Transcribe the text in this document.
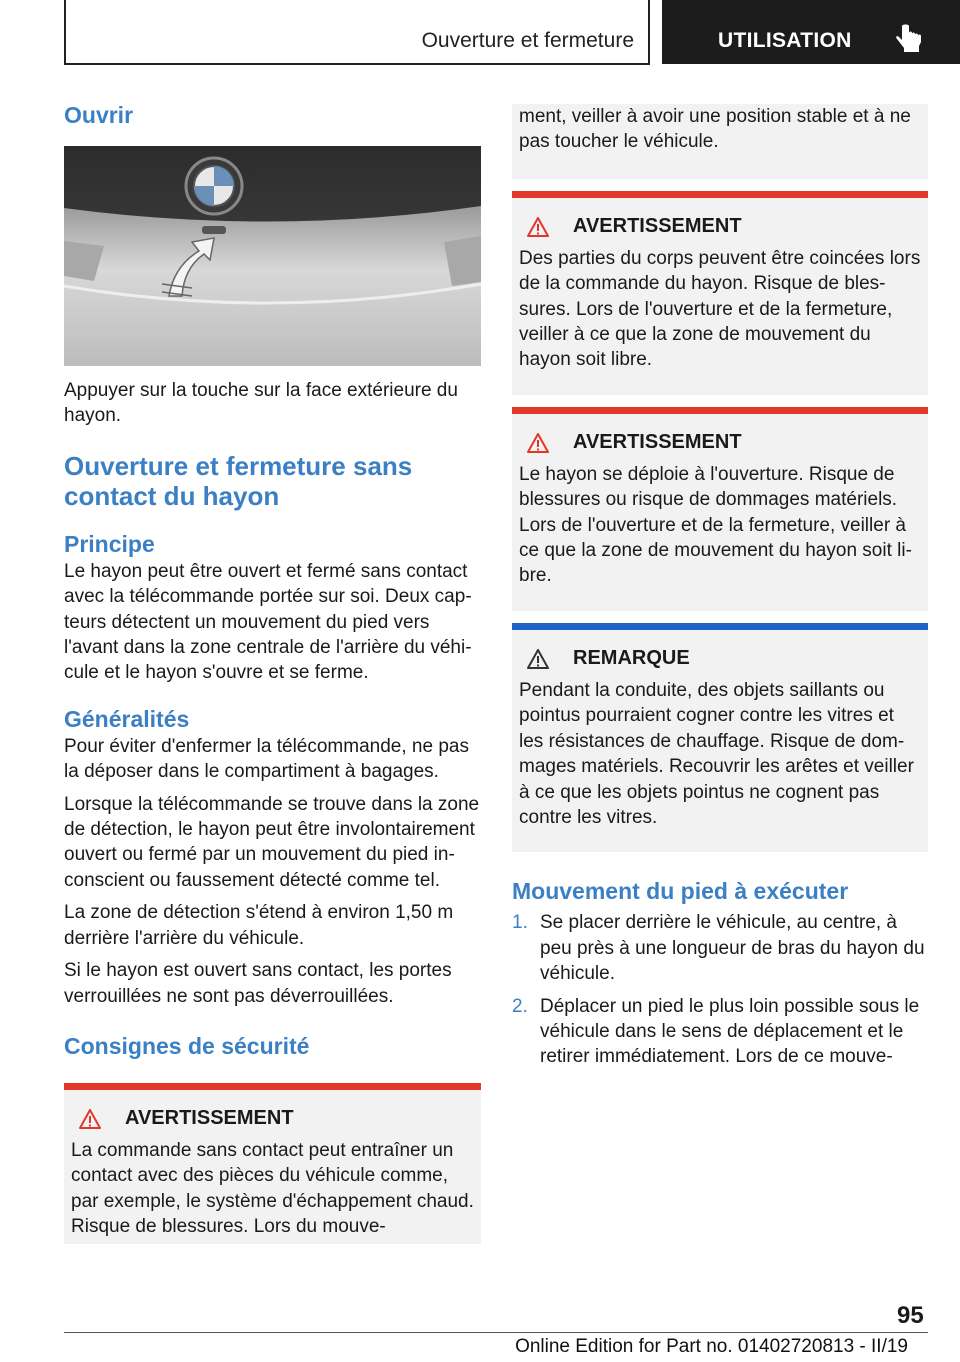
Ouverture et fermeture	UTILISATION
Ouvrir

Appuyer sur la touche sur la face extérieure du hayon.

Ouverture et fermeture sans contact du hayon
Principe

Le hayon peut être ouvert et fermé sans contact avec la télécommande portée sur soi. Deux cap-teurs détectent un mouvement du pied vers l'avant dans la zone centrale de l'arrière du véhi-cule et le hayon s'ouvre et se ferme.

Généralités

Pour éviter d'enfermer la télécommande, ne pas la déposer dans le compartiment à bagages.

Lorsque la télécommande se trouve dans la zone de détection, le hayon peut être involontairement ouvert ou fermé par un mouvement du pied in-conscient ou faussement détecté comme tel.

La zone de détection s'étend à environ 1,50 m derrière l'arrière du véhicule.

Si le hayon est ouvert sans contact, les portes verrouillées ne sont pas déverrouillées.

Consignes de sécurité
AVERTISSEMENT

La commande sans contact peut entraîner un contact avec des pièces du véhicule comme, par exemple, le système d'échappement chaud. Risque de blessures. Lors du mouve-

ment, veiller à avoir une position stable et à ne pas toucher le véhicule.

AVERTISSEMENT

Des parties du corps peuvent être coincées lors de la commande du hayon. Risque de bles-sures. Lors de l'ouverture et de la fermeture, veiller à ce que la zone de mouvement du hayon soit libre.

AVERTISSEMENT

Le hayon se déploie à l'ouverture. Risque de blessures ou risque de dommages matériels. Lors de l'ouverture et de la fermeture, veiller à ce que la zone de mouvement du hayon soit li-bre.

REMARQUE

Pendant la conduite, des objets saillants ou pointus pourraient cogner contre les vitres et les résistances de chauffage. Risque de dom-mages matériels. Recouvrir les arêtes et veiller à ce que les objets pointus ne cognent pas contre les vitres.

Mouvement du pied à exécuter
1. Se placer derrière le véhicule, au centre, à peu près à une longueur de bras du hayon du véhicule.
2. Déplacer un pied le plus loin possible sous le véhicule dans le sens de déplacement et le retirer immédiatement. Lors de ce mouve-
95
Online Edition for Part no. 01402720813 - II/19
